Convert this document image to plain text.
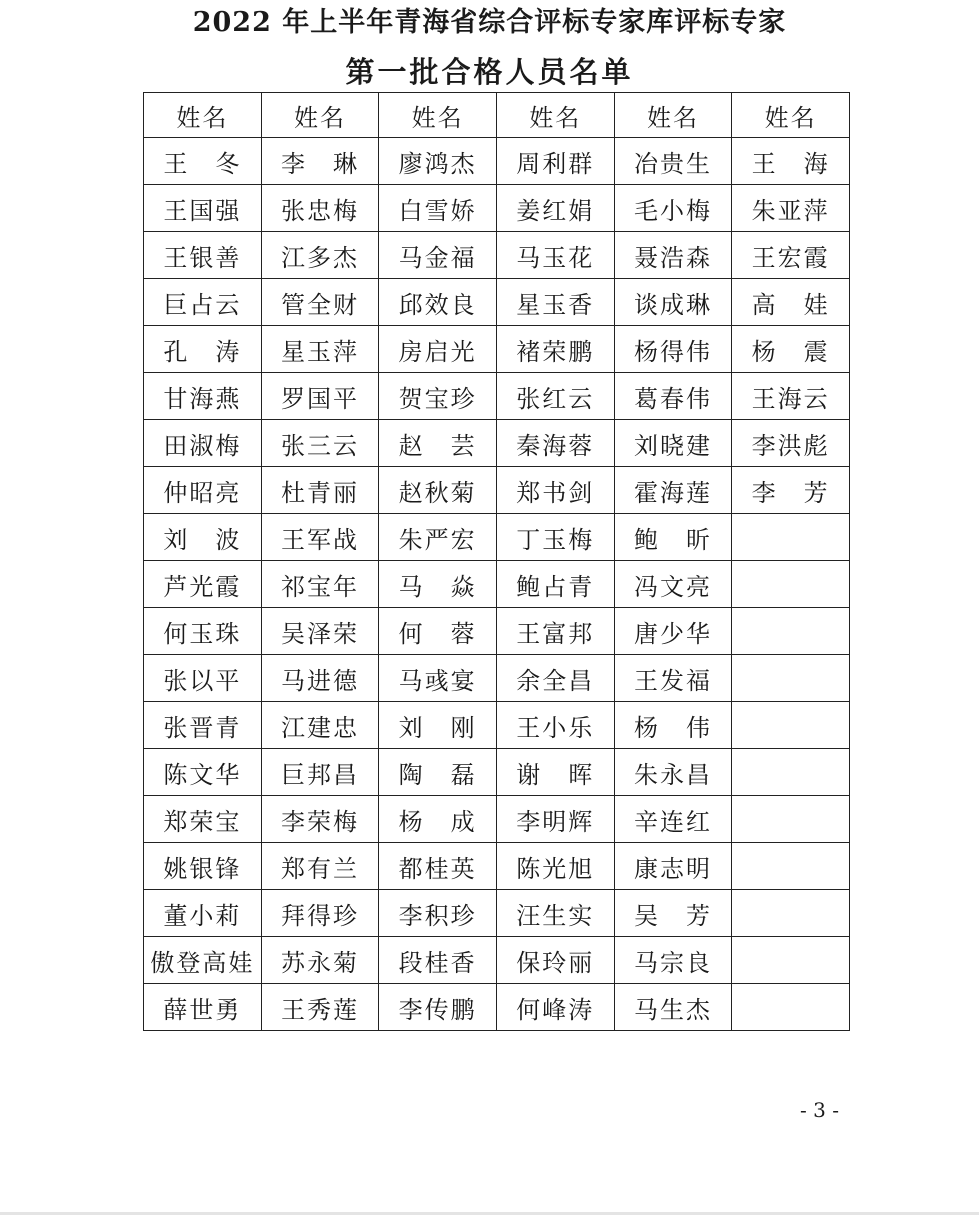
2022 年上半年青海省综合评标专家库评标专家
第一批合格人员名单
姓名	姓名	姓名	姓名	姓名	姓名
王　冬	李　琳	廖鸿杰	周利群	冶贵生	王　海
王国强	张忠梅	白雪娇	姜红娟	毛小梅	朱亚萍
王银善	江多杰	马金福	马玉花	聂浩森	王宏霞
巨占云	管全财	邱效良	星玉香	谈成琳	高　娃
孔　涛	星玉萍	房启光	褚荣鹏	杨得伟	杨　震
甘海燕	罗国平	贺宝珍	张红云	葛春伟	王海云
田淑梅	张三云	赵　芸	秦海蓉	刘晓建	李洪彪
仲昭亮	杜青丽	赵秋菊	郑书剑	霍海莲	李　芳
刘　波	王军战	朱严宏	丁玉梅	鲍　昕	
芦光霞	祁宝年	马　焱	鲍占青	冯文亮	
何玉珠	吴泽荣	何　蓉	王富邦	唐少华	
张以平	马进德	马彧宴	余全昌	王发福	
张晋青	江建忠	刘　刚	王小乐	杨　伟	
陈文华	巨邦昌	陶　磊	谢　晖	朱永昌	
郑荣宝	李荣梅	杨　成	李明辉	辛连红	
姚银锋	郑有兰	都桂英	陈光旭	康志明	
董小莉	拜得珍	李积珍	汪生实	吴　芳	
傲登高娃	苏永菊	段桂香	保玲丽	马宗良	
薛世勇	王秀莲	李传鹏	何峰涛	马生杰	
- 3 -
